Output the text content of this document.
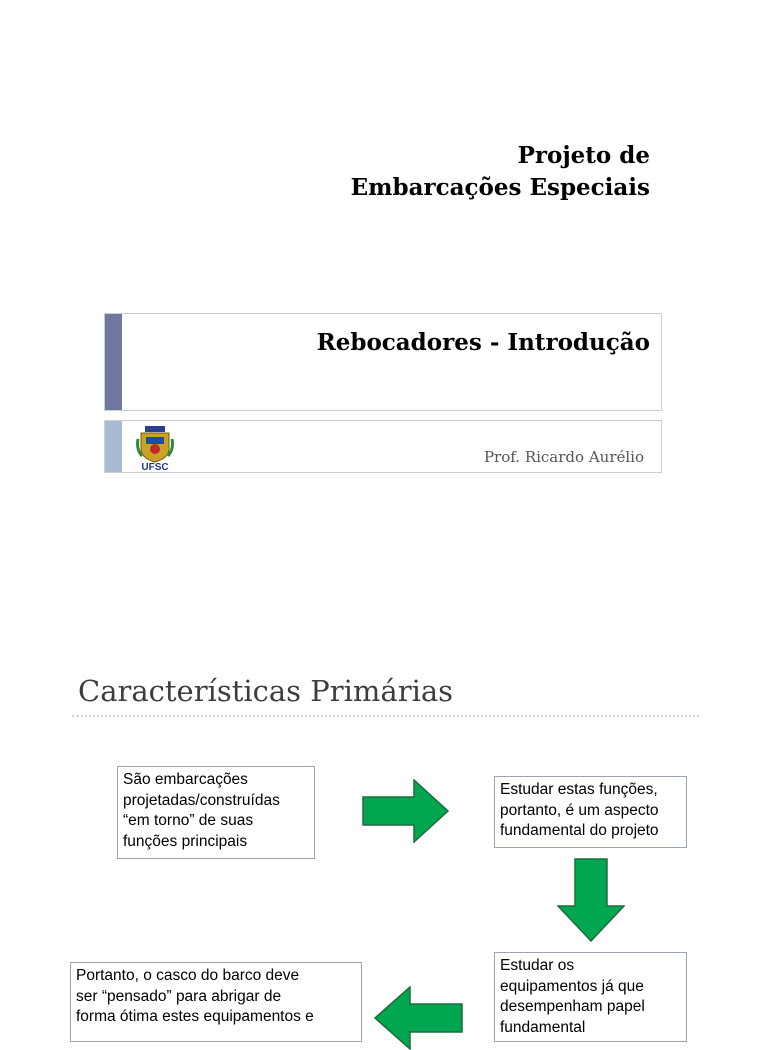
Projeto de
Embarcações Especiais
Rebocadores - Introdução
UFSC
Prof. Ricardo Aurélio
Características Primárias
São embarcações
projetadas/construídas
“em torno” de suas
funções principais
Estudar estas funções,
portanto, é um aspecto
fundamental do projeto
Estudar os
equipamentos já que
desempenham papel
fundamental
Portanto, o casco do barco deve
ser “pensado” para abrigar de
forma ótima estes equipamentos e
